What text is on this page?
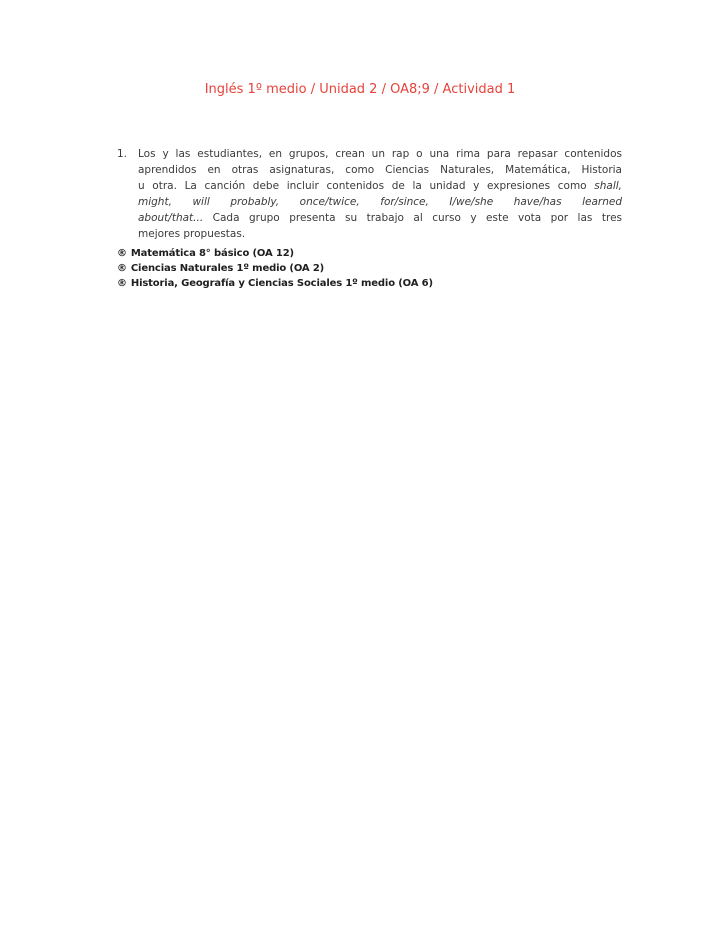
Inglés 1º medio / Unidad 2 / OA8;9 / Actividad 1
1.	Los y las estudiantes, en grupos, crean un rap o una rima para repasar contenidos
aprendidos en otras asignaturas, como Ciencias Naturales, Matemática, Historia
u otra. La canción debe incluir contenidos de la unidad y expresiones como shall,
might, will probably, once/twice, for/since, I/we/she have/has learned
about/that... Cada grupo presenta su trabajo al curso y este vota por las tres
mejores propuestas.
® Matemática 8° básico (OA 12)
® Ciencias Naturales 1º medio (OA 2)
® Historia, Geografía y Ciencias Sociales 1º medio (OA 6)
